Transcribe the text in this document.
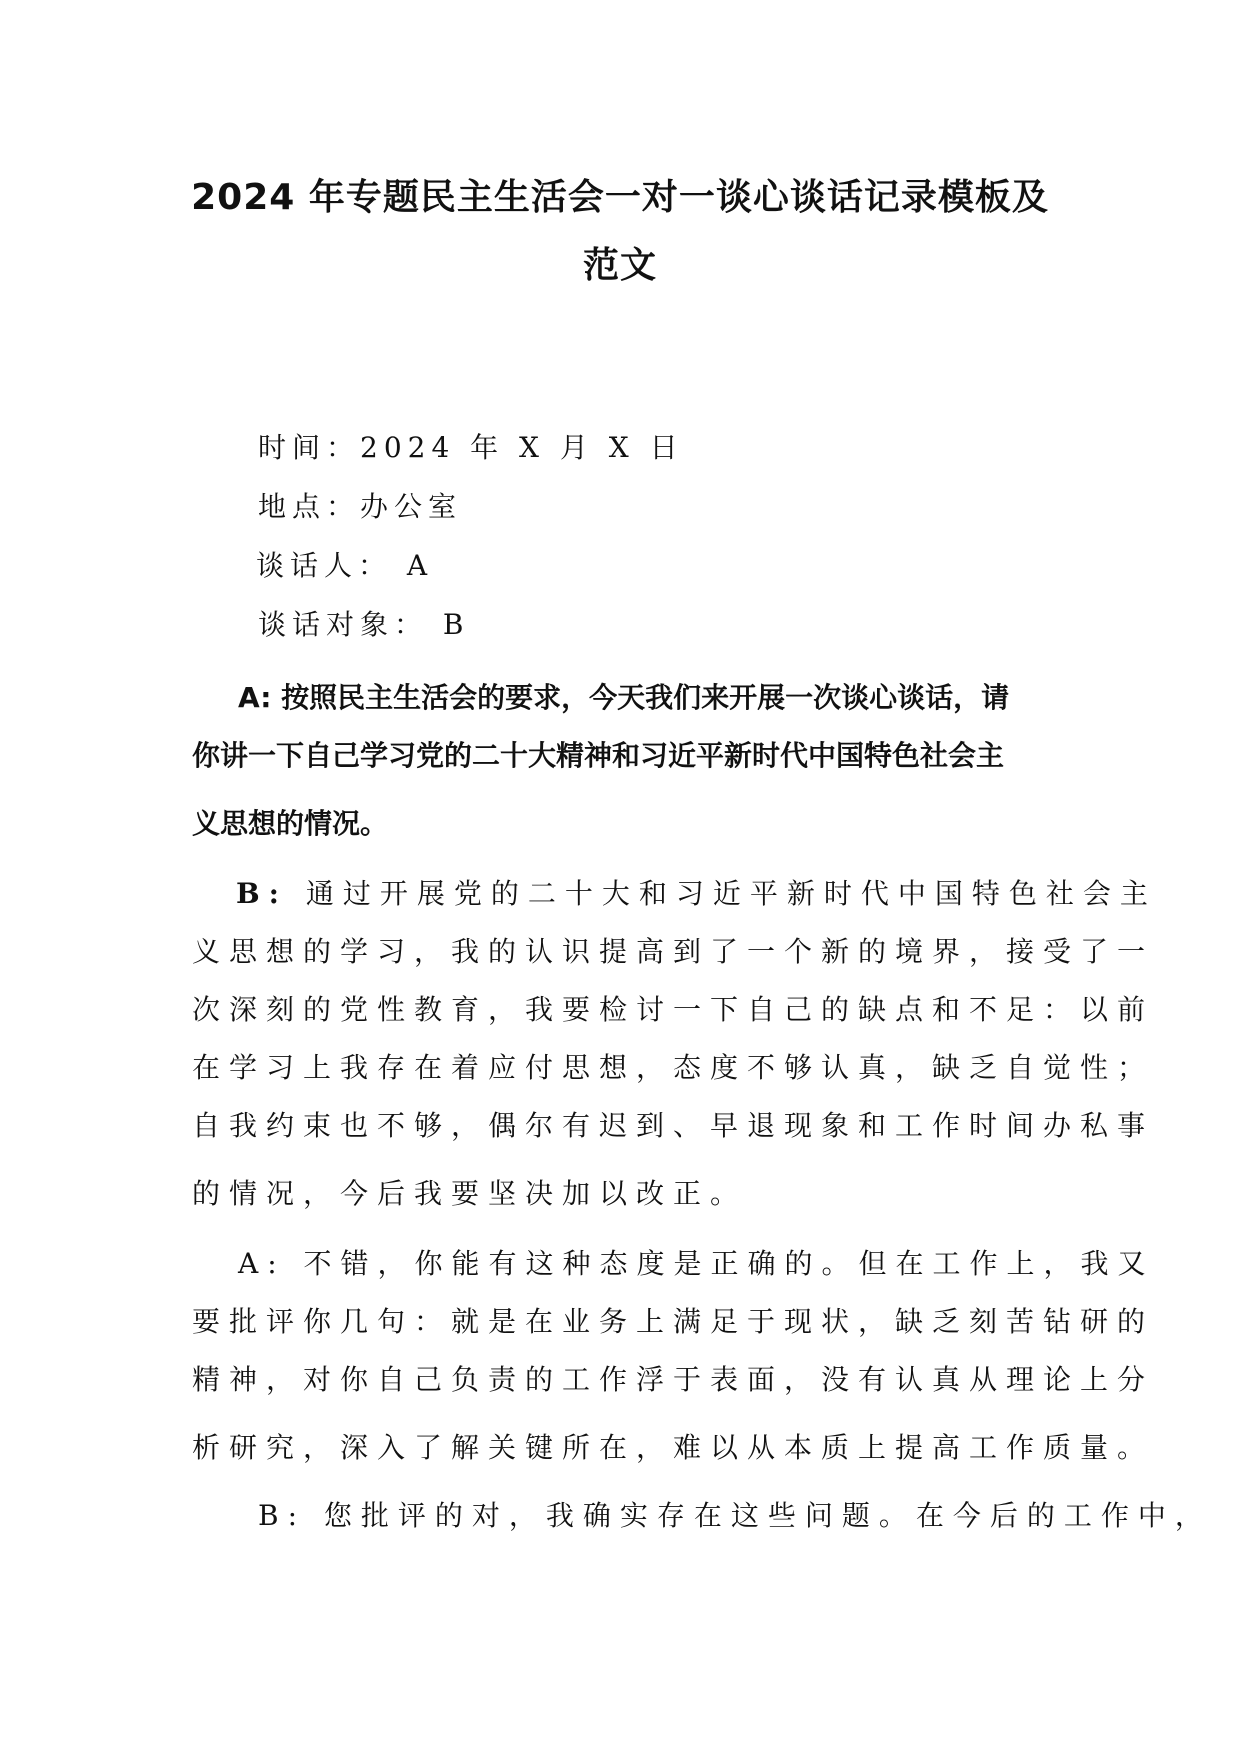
2024 年专题民主生活会一对一谈心谈话记录模板及
范文
时间：2024 年 X 月 X 日
地点：办公室
谈话人： A
谈话对象： B
A: 按照民主生活会的要求，今天我们来开展一次谈心谈话，请
你讲一下自己学习党的二十大精神和习近平新时代中国特色社会主
义思想的情况。
B: 通过开展党的二十大和习近平新时代中国特色社会主
义思想的学习，我的认识提高到了一个新的境界，接受了一
次深刻的党性教育，我要检讨一下自己的缺点和不足：以前
在学习上我存在着应付思想，态度不够认真，缺乏自觉性；
自我约束也不够，偶尔有迟到、早退现象和工作时间办私事
的情况，今后我要坚决加以改正。
A: 不错，你能有这种态度是正确的。但在工作上，我又
要批评你几句：就是在业务上满足于现状，缺乏刻苦钻研的
精神，对你自己负责的工作浮于表面，没有认真从理论上分
析研究，深入了解关键所在，难以从本质上提高工作质量。
B: 您批评的对，我确实存在这些问题。在今后的工作中，
